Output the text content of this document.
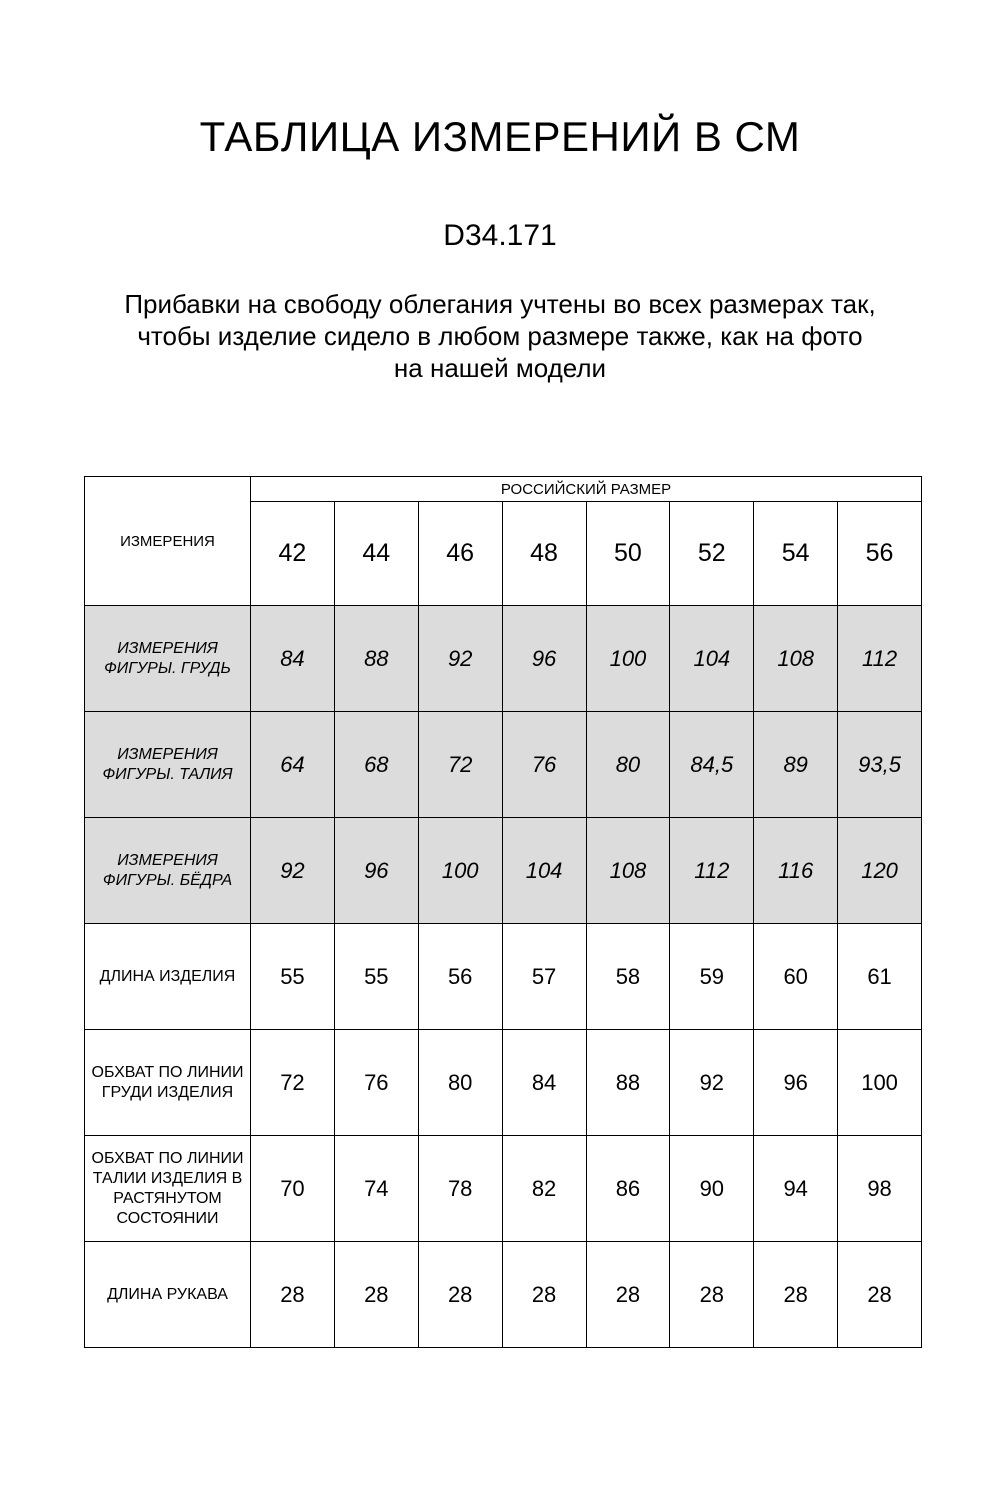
ТАБЛИЦА ИЗМЕРЕНИЙ В СМ
D34.171
Прибавки на свободу облегания учтены во всех размерах так,
чтобы изделие сидело в любом размере также, как на фото
на нашей модели
ИЗМЕРЕНИЯ	РОССИЙСКИЙ РАЗМЕР							
	42	44	46	48	50	52	54	56
ИЗМЕРЕНИЯ ФИГУРЫ. ГРУДЬ	84	88	92	96	100	104	108	112
ИЗМЕРЕНИЯ ФИГУРЫ. ТАЛИЯ	64	68	72	76	80	84,5	89	93,5
ИЗМЕРЕНИЯ ФИГУРЫ. БЁДРА	92	96	100	104	108	112	116	120
ДЛИНА ИЗДЕЛИЯ	55	55	56	57	58	59	60	61
ОБХВАТ ПО ЛИНИИ ГРУДИ ИЗДЕЛИЯ	72	76	80	84	88	92	96	100
ОБХВАТ ПО ЛИНИИ ТАЛИИ ИЗДЕЛИЯ В РАСТЯНУТОМ СОСТОЯНИИ	70	74	78	82	86	90	94	98
ДЛИНА РУКАВА	28	28	28	28	28	28	28	28
